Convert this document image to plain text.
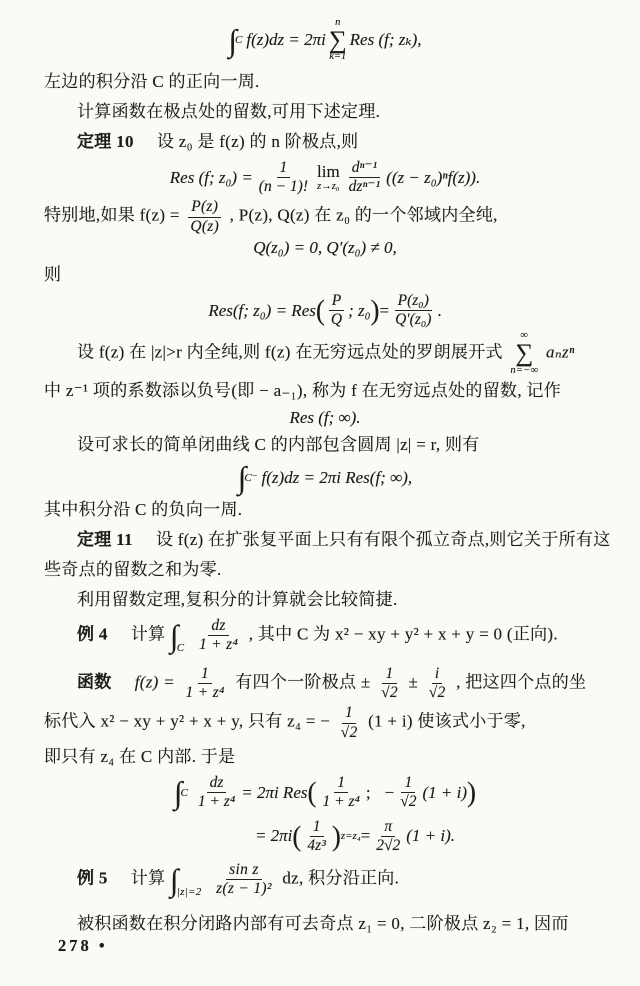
∫
C f(z)dz = 2πi
n
∑
k=1
Res (f; zₖ),
左边的积分沿 C 的正向一周.
计算函数在极点处的留数,可用下述定理.
定理 10 设 z₀ 是 f(z) 的 n 阶极点,则
Res (f; $z_0) = \frac{1}{(n - 1)!}$ lim
$z\to z_0 \frac{\text{dⁿ⁻¹}}{\text{dzⁿ⁻¹}} ((z - z_0)^nf(z))$.
特别地,如果 $f(z) = \frac{P(z)}{Q(z)}$ , P(z), Q(z) 在 z₀ 的一个邻域内全纯,
Q(z₀) = 0, Q′(z₀) ≠ 0,
则
Res(f; z₀) = Res ( $\frac{P}{Q}$ ; z₀ ) = $\frac{\text{P(z₀)}}{\text{Q′(z₀)}}$ .
设 f(z) 在 |z|>r 内全纯,则 f(z) 在无穷远点处的罗朗展开式
∞
∑
n=−∞
aₙzⁿ
中 z⁻¹ 项的系数添以负号(即 − a₋₁), 称为 f 在无穷远点处的留数, 记作
Res (f; ∞).
设可求长的简单闭曲线 C 的内部包含圆周 |z| = r, 则有
∫
C⁻ f(z)dz = 2πi Res(f; ∞),
其中积分沿 C 的负向一周.
定理 11 设 f(z) 在扩张复平面上只有有限个孤立奇点,则它关于所有这
些奇点的留数之和为零.
利用留数定理,复积分的计算就会比较简捷.
例 4 计算 $\int_C \frac{dz}{\text{1 + z⁴}}$ , 其中 C 为 x² − xy + y² + x + y = 0 (正向).
函数 $f(z) = \frac{1}{\text{1 + z⁴}}$ 有四个一阶极点 ± $\frac{1}{√2} \pm \frac{i}{√2}$ , 把这四个点的坐
标代入 x² − xy + y² + x + y, 只有 z₄ = − $\frac{1}{√2} (1 + i)$ 使该式小于零,
即只有 z₄ 在 C 内部. 于是
∫
C $\frac{dz}{\text{1 + z⁴}} = 2\pi i$ Res ( $\frac{1}{\text{1 + z⁴}}$ ; − $\frac{1}{√2} (1 + i)$ )
= 2πi ( $\frac{1}{\text{4z³}}$ ) $z=z_4 = \frac{\pi}{2√2} (1 + i)$.
例 5 计算 $\int_{|z|=2} \frac{\text{sin z}}{\text{z(z − 1)²}}$ dz, 积分沿正向.
被积函数在积分闭路内部有可去奇点 z₁ = 0, 二阶极点 z₂ = 1, 因而
278 •
